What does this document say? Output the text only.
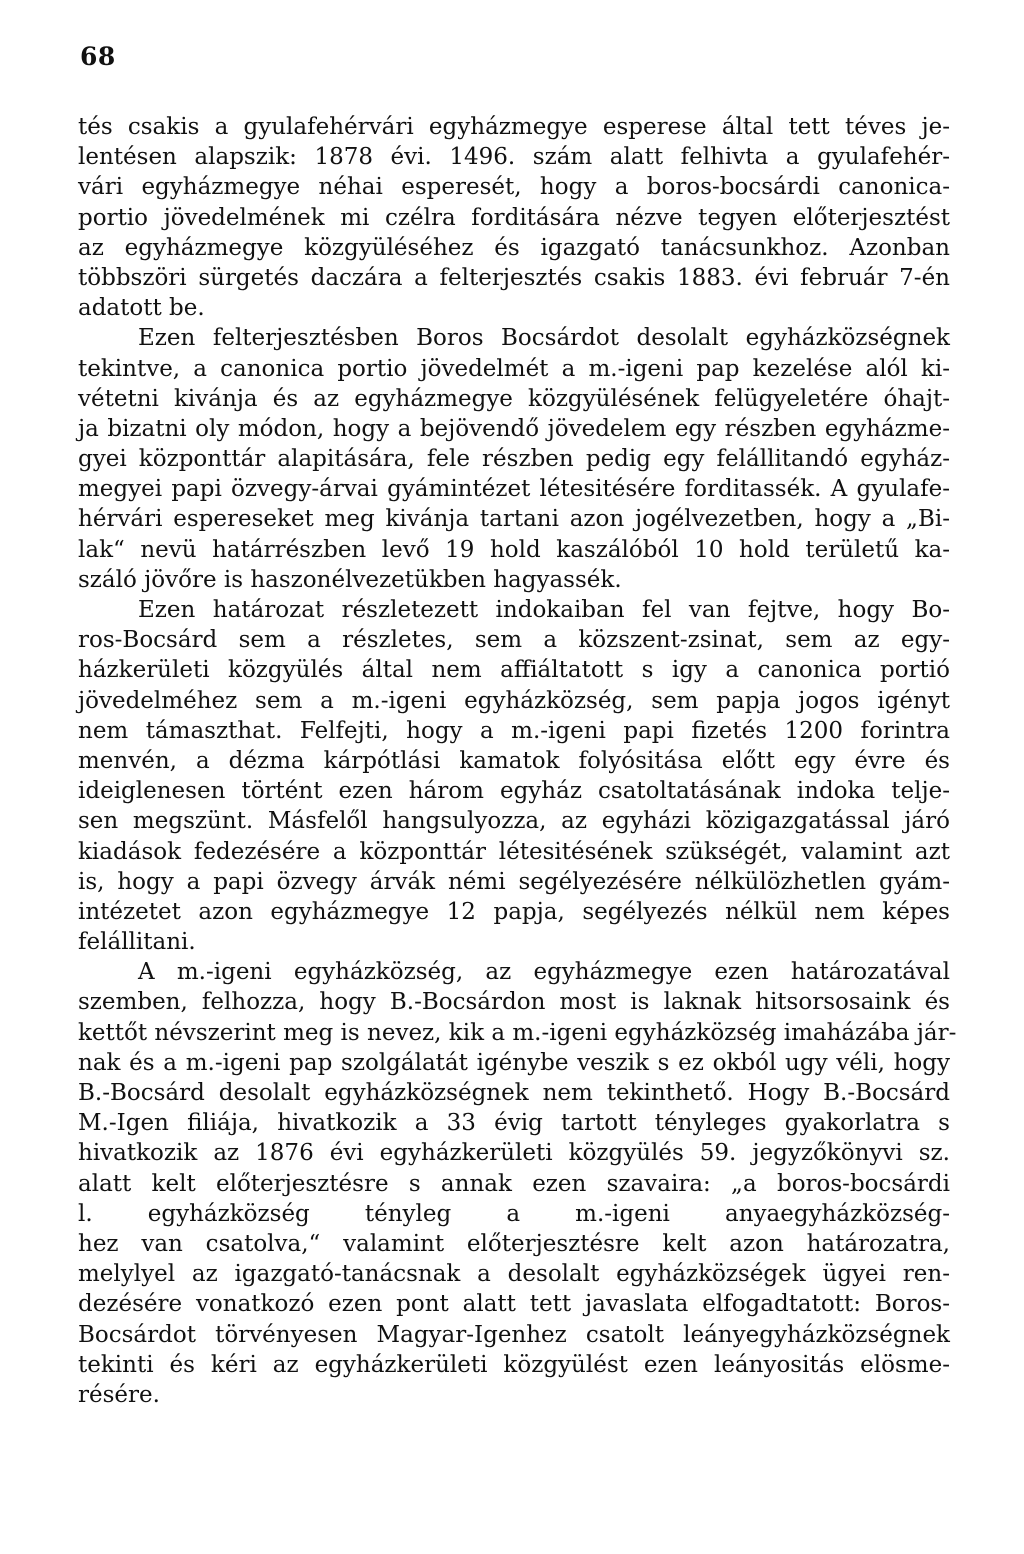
68
tés csakis a gyulafehérvári egyházmegye esperese által tett téves je-
lentésen alapszik: 1878 évi. 1496. szám alatt felhivta a gyulafehér-
vári egyházmegye néhai esperesét, hogy a boros-bocsárdi canonica-
portio jövedelmének mi czélra forditására nézve tegyen előterjesztést
az egyházmegye közgyüléséhez és igazgató tanácsunkhoz. Azonban
többszöri sürgetés daczára a felterjesztés csakis 1883. évi február 7-én
adatott be.
Ezen felterjesztésben Boros Bocsárdot desolalt egyházközségnek
tekintve, a canonica portio jövedelmét a m.-igeni pap kezelése alól ki-
vétetni kivánja és az egyházmegye közgyülésének felügyeletére óhajt-
ja bizatni oly módon, hogy a bejövendő jövedelem egy részben egyházme-
gyei központtár alapitására, fele részben pedig egy felállitandó egyház-
megyei papi özvegy-árvai gyámintézet létesitésére forditassék. A gyulafe-
hérvári espereseket meg kivánja tartani azon jogélvezetben, hogy a „Bi-
lak“ nevü határrészben levő 19 hold kaszálóból 10 hold területű ka-
száló jövőre is haszonélvezetükben hagyassék.
Ezen határozat részletezett indokaiban fel van fejtve, hogy Bo-
ros-Bocsárd sem a részletes, sem a közszent-zsinat, sem az egy-
házkerületi közgyülés által nem affiáltatott s igy a canonica portió
jövedelméhez sem a m.-igeni egyházközség, sem papja jogos igényt
nem támaszthat. Felfejti, hogy a m.-igeni papi fizetés 1200 forintra
menvén, a dézma kárpótlási kamatok folyósitása előtt egy évre és
ideiglenesen történt ezen három egyház csatoltatásának indoka telje-
sen megszünt. Másfelől hangsulyozza, az egyházi közigazgatással járó
kiadások fedezésére a központtár létesitésének szükségét, valamint azt
is, hogy a papi özvegy árvák némi segélyezésére nélkülözhetlen gyám-
intézetet azon egyházmegye 12 papja, segélyezés nélkül nem képes
felállitani.
A m.-igeni egyházközség, az egyházmegye ezen határozatával
szemben, felhozza, hogy B.-Bocsárdon most is laknak hitsorsosaink és
kettőt névszerint meg is nevez, kik a m.-igeni egyházközség imaházába jár-
nak és a m.-igeni pap szolgálatát igénybe veszik s ez okból ugy véli, hogy
B.-Bocsárd desolalt egyházközségnek nem tekinthető. Hogy B.-Bocsárd
M.-Igen filiája, hivatkozik a 33 évig tartott tényleges gyakorlatra s
hivatkozik az 1876 évi egyházkerületi közgyülés 59. jegyzőkönyvi sz.
alatt kelt előterjesztésre s annak ezen szavaira: „a boros-bocsárdi
l. egyházközség tényleg a m.-igeni anyaegyházközség-
hez van csatolva,“ valamint előterjesztésre kelt azon határozatra,
melylyel az igazgató-tanácsnak a desolalt egyházközségek ügyei ren-
dezésére vonatkozó ezen pont alatt tett javaslata elfogadtatott: Boros-
Bocsárdot törvényesen Magyar-Igenhez csatolt leányegyházközségnek
tekinti és kéri az egyházkerületi közgyülést ezen leányositás elösme-
résére.
